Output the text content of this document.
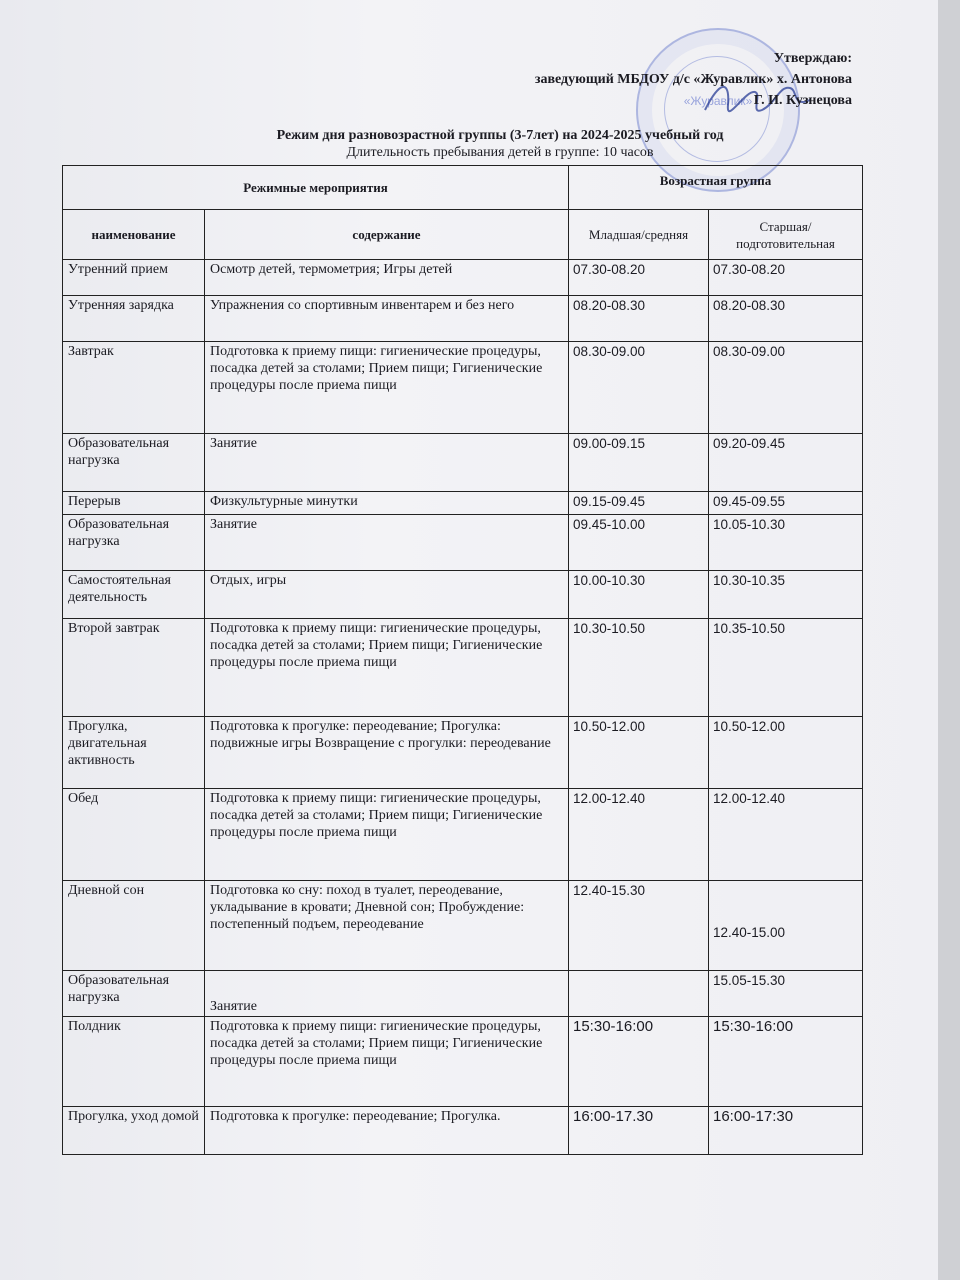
«Журавлик»
Утверждаю:
заведующий МБДОУ д/с «Журавлик» х. Антонова
Г. И. Кузнецова
Режим дня разновозрастной группы (3-7лет) на 2024-2025 учебный год
Длительность пребывания детей в группе: 10 часов
Режимные мероприятия		Возрастная группа	
наименование	содержание	Младшая/средняя	Старшая/ подготовительная
Утренний прием	Осмотр детей, термометрия; Игры детей	07.30-08.20	07.30-08.20
Утренняя зарядка	Упражнения со спортивным инвентарем и без него	08.20-08.30	08.20-08.30
Завтрак	Подготовка к приему пищи: гигиенические процедуры, посадка детей за столами; Прием пищи; Гигиенические процедуры после приема пищи	08.30-09.00	08.30-09.00
Образовательная нагрузка	Занятие	09.00-09.15	09.20-09.45
Перерыв	Физкультурные минутки	09.15-09.45	09.45-09.55
Образовательная нагрузка	Занятие	09.45-10.00	10.05-10.30
Самостоятельная деятельность	Отдых, игры	10.00-10.30	10.30-10.35
Второй завтрак	Подготовка к приему пищи: гигиенические процедуры, посадка детей за столами; Прием пищи; Гигиенические процедуры после приема пищи	10.30-10.50	10.35-10.50
Прогулка, двигательная активность	Подготовка к прогулке: переодевание; Прогулка: подвижные игры Возвращение с прогулки: переодевание	10.50-12.00	10.50-12.00
Обед	Подготовка к приему пищи: гигиенические процедуры, посадка детей за столами; Прием пищи; Гигиенические процедуры после приема пищи	12.00-12.40	12.00-12.40
Дневной сон	Подготовка ко сну: поход в туалет, переодевание, укладывание в кровати; Дневной сон; Пробуждение: постепенный подъем, переодевание	12.40-15.30	12.40-15.00
Образовательная нагрузка	Занятие		15.05-15.30
Полдник	Подготовка к приему пищи: гигиенические процедуры, посадка детей за столами; Прием пищи; Гигиенические процедуры после приема пищи	15:30-16:00	15:30-16:00
Прогулка, уход домой	Подготовка к прогулке: переодевание; Прогулка.	16:00-17.30	16:00-17:30
